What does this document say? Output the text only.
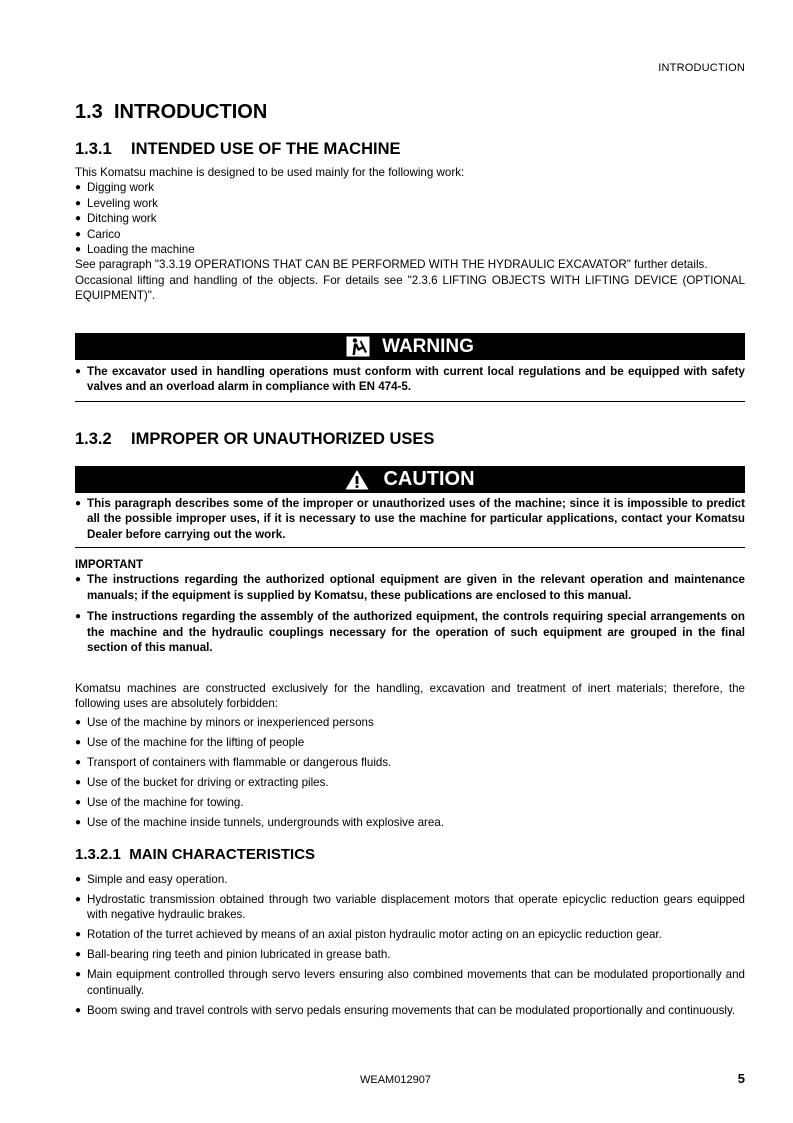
INTRODUCTION
1.3 INTRODUCTION
1.3.1 INTENDED USE OF THE MACHINE

This Komatsu machine is designed to be used mainly for the following work:

● Digging work
● Leveling work
● Ditching work
● Carico
● Loading the machine

See paragraph "3.3.19 OPERATIONS THAT CAN BE PERFORMED WITH THE HYDRAULIC EXCAVATOR" further details.

Occasional lifting and handling of the objects. For details see "2.3.6 LIFTING OBJECTS WITH LIFTING DEVICE (OPTIONAL EQUIPMENT)".

WARNING
● The excavator used in handling operations must conform with current local regulations and be equipped with safety valves and an overload alarm in compliance with EN 474-5.
1.3.2 IMPROPER OR UNAUTHORIZED USES
CAUTION
● This paragraph describes some of the improper or unauthorized uses of the machine; since it is impossible to predict all the possible improper uses, if it is necessary to use the machine for particular applications, contact your Komatsu Dealer before carrying out the work.

IMPORTANT

● The instructions regarding the authorized optional equipment are given in the relevant operation and maintenance manuals; if the equipment is supplied by Komatsu, these publications are enclosed to this manual.
● The instructions regarding the assembly of the authorized equipment, the controls requiring special arrangements on the machine and the hydraulic couplings necessary for the operation of such equipment are grouped in the final section of this manual.

Komatsu machines are constructed exclusively for the handling, excavation and treatment of inert materials; therefore, the following uses are absolutely forbidden:

● Use of the machine by minors or inexperienced persons
● Use of the machine for the lifting of people
● Transport of containers with flammable or dangerous fluids.
● Use of the bucket for driving or extracting piles.
● Use of the machine for towing.
● Use of the machine inside tunnels, undergrounds with explosive area.
1.3.2.1 MAIN CHARACTERISTICS
● Simple and easy operation.
● Hydrostatic transmission obtained through two variable displacement motors that operate epicyclic reduction gears equipped with negative hydraulic brakes.
● Rotation of the turret achieved by means of an axial piston hydraulic motor acting on an epicyclic reduction gear.
● Ball-bearing ring teeth and pinion lubricated in grease bath.
● Main equipment controlled through servo levers ensuring also combined movements that can be modulated proportionally and continually.
● Boom swing and travel controls with servo pedals ensuring movements that can be modulated proportionally and continuously.
WEAM012907	5
